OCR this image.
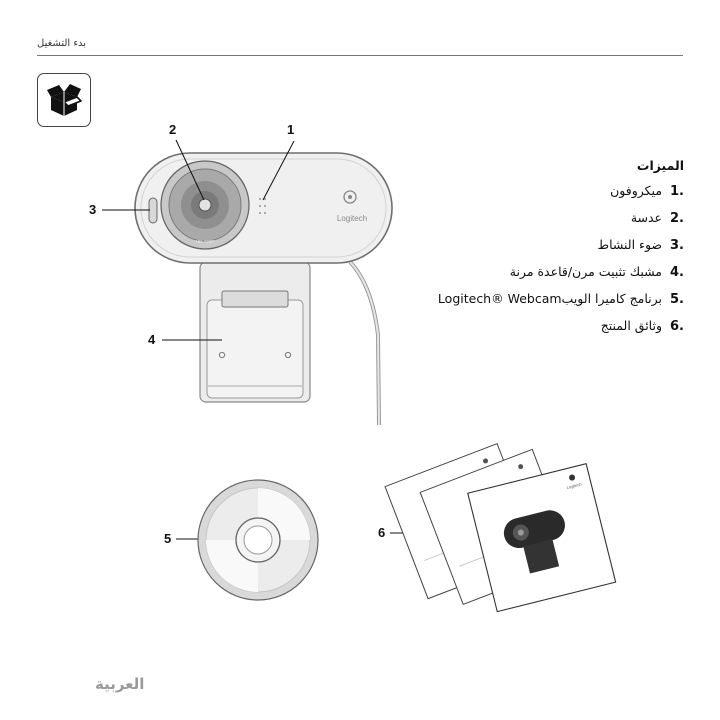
بدء التشغيل
Logitech
HD 720P
Logitech
1
2
3
4
5	6
الميزات
1.
ميكروفون
2.
عدسة
3.
ضوء النشاط
4.
مشبك تثبيت مرن/قاعدة مرنة
5.
برنامج كاميرا الويب
Logitech® Webcam
6.
وثائق المنتج
العربية
